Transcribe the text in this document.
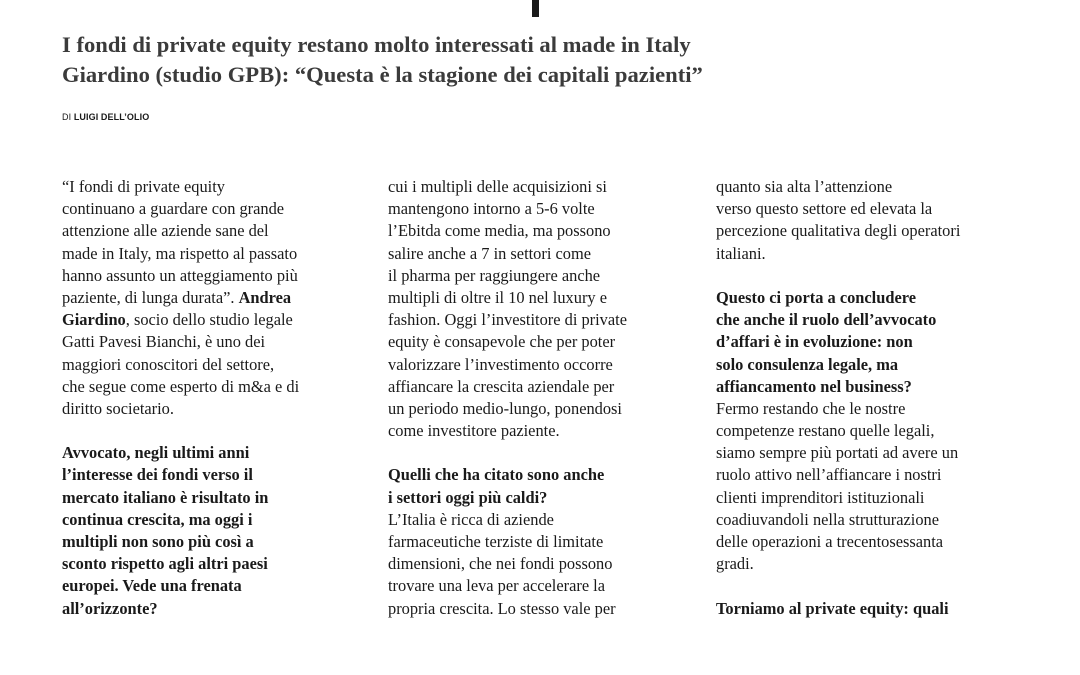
I fondi di private equity restano molto interessati al made in Italy
Giardino (studio GPB): “Questa è la stagione dei capitali pazienti”
DI LUIGI DELL’OLIO
“I fondi di private equity
continuano a guardare con grande
attenzione alle aziende sane del
made in Italy, ma rispetto al passato
hanno assunto un atteggiamento più
paziente, di lunga durata”. Andrea
Giardino, socio dello studio legale
Gatti Pavesi Bianchi, è uno dei
maggiori conoscitori del settore,
che segue come esperto di m&a e di
diritto societario.
Avvocato, negli ultimi anni
l’interesse dei fondi verso il
mercato italiano è risultato in
continua crescita, ma oggi i
multipli non sono più così a
sconto rispetto agli altri paesi
europei. Vede una frenata
all’orizzonte?
cui i multipli delle acquisizioni si
mantengono intorno a 5-6 volte
l’Ebitda come media, ma possono
salire anche a 7 in settori come
il pharma per raggiungere anche
multipli di oltre il 10 nel luxury e
fashion. Oggi l’investitore di private
equity è consapevole che per poter
valorizzare l’investimento occorre
affiancare la crescita aziendale per
un periodo medio-lungo, ponendosi
come investitore paziente.
Quelli che ha citato sono anche
i settori oggi più caldi?
L’Italia è ricca di aziende
farmaceutiche terziste di limitate
dimensioni, che nei fondi possono
trovare una leva per accelerare la
propria crescita. Lo stesso vale per
quanto sia alta l’attenzione
verso questo settore ed elevata la
percezione qualitativa degli operatori
italiani.
Questo ci porta a concludere
che anche il ruolo dell’avvocato
d’affari è in evoluzione: non
solo consulenza legale, ma
affiancamento nel business?
Fermo restando che le nostre
competenze restano quelle legali,
siamo sempre più portati ad avere un
ruolo attivo nell’affiancare i nostri
clienti imprenditori istituzionali
coadiuvandoli nella strutturazione
delle operazioni a trecentosessanta
gradi.
Torniamo al private equity: quali
